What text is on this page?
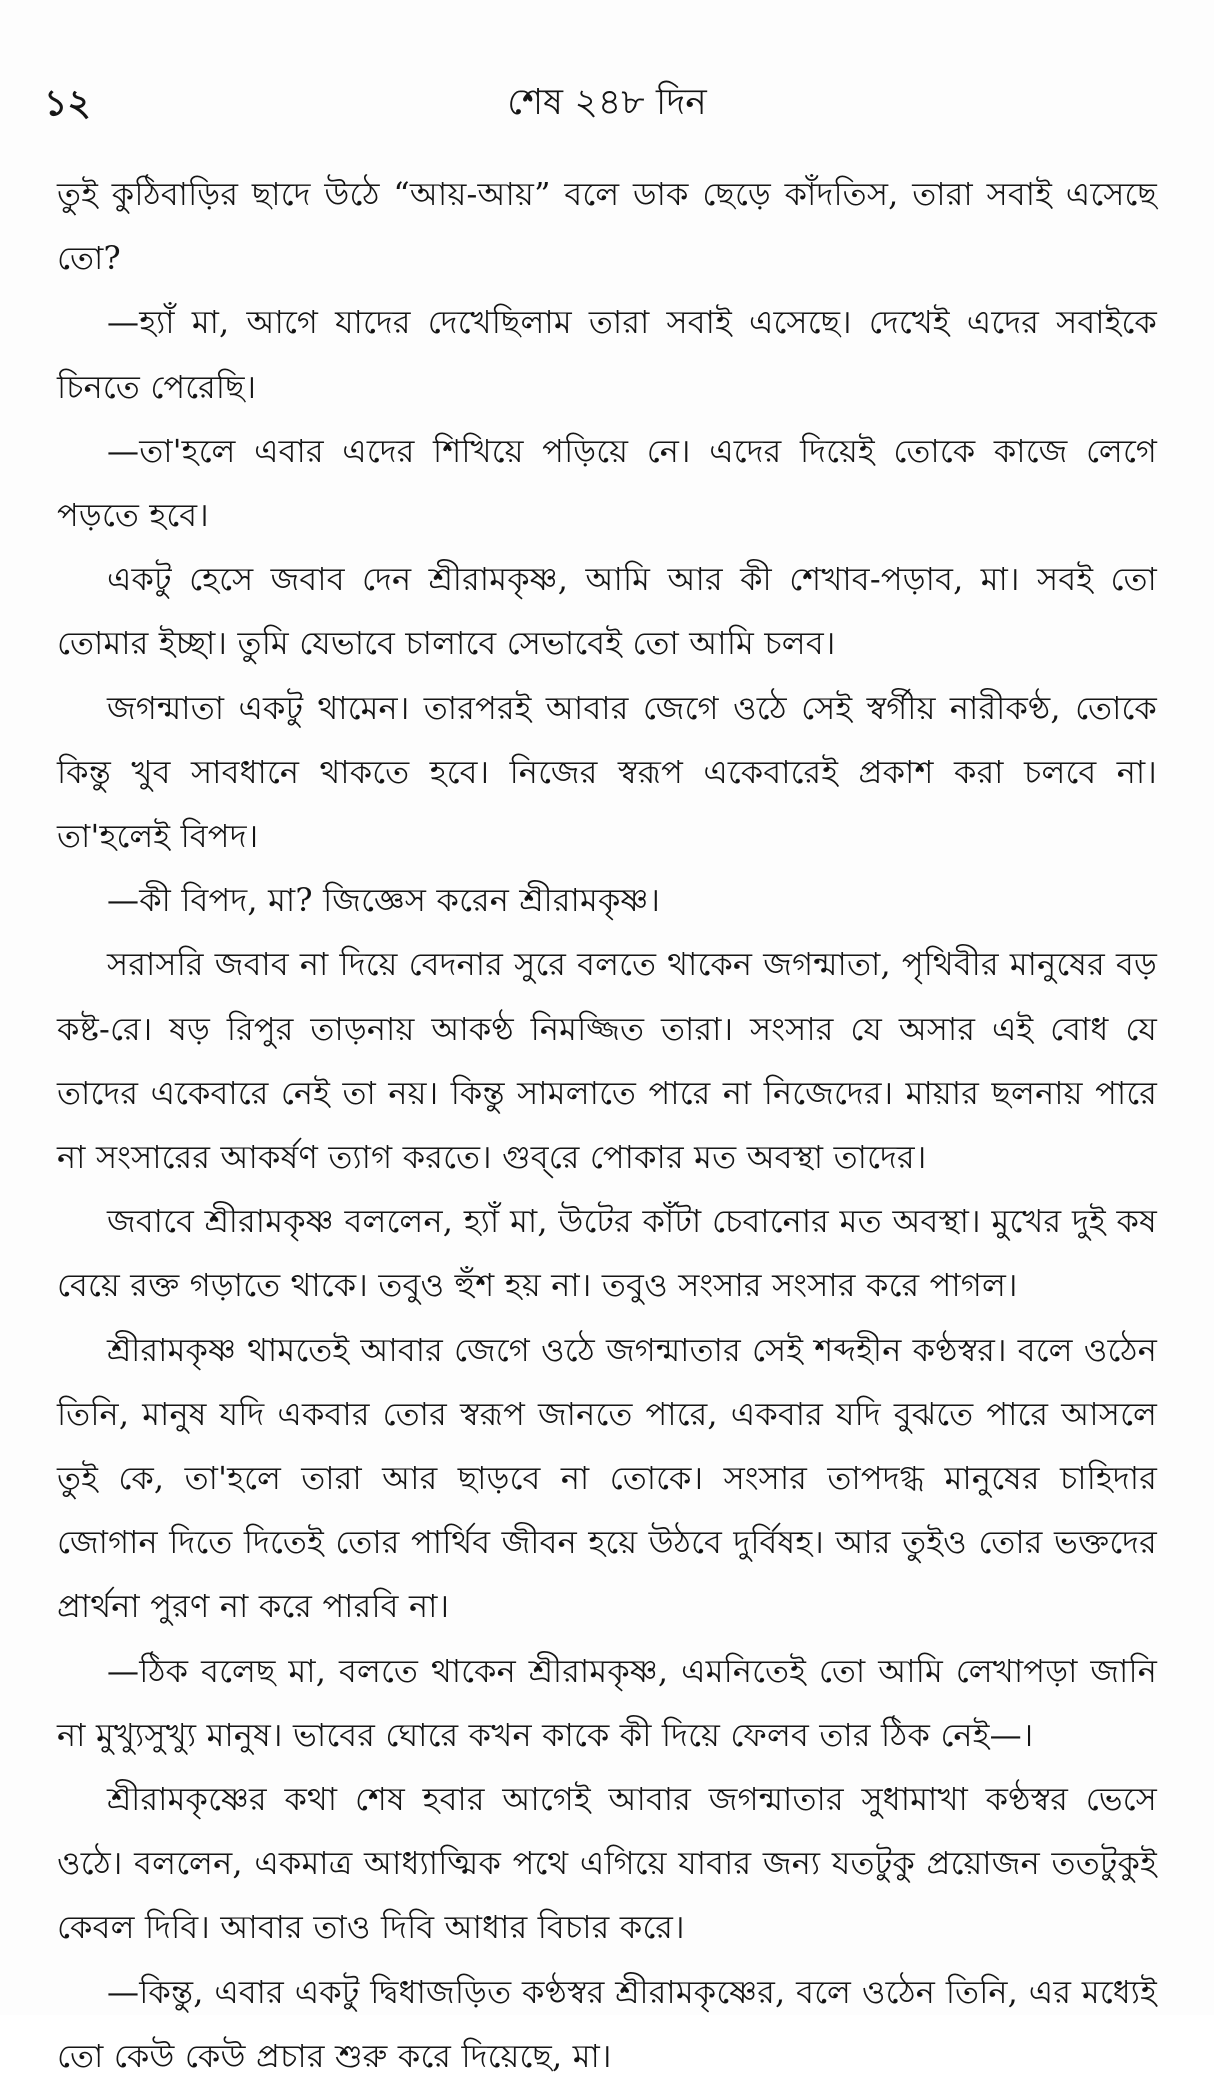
১২	শেষ ২৪৮ দিন

তুই কুঠিবাড়ির ছাদে উঠে “আয়-আয়” বলে ডাক ছেড়ে কাঁদতিস, তারা সবাই এসেছে তো?

—হ্যাঁ মা, আগে যাদের দেখেছিলাম তারা সবাই এসেছে। দেখেই এদের সবাইকে চিনতে পেরেছি।

—তা'হলে এবার এদের শিখিয়ে পড়িয়ে নে। এদের দিয়েই তোকে কাজে লেগে পড়তে হবে।

একটু হেসে জবাব দেন শ্রীরামকৃষ্ণ, আমি আর কী শেখাব-পড়াব, মা। সবই তো তোমার ইচ্ছা। তুমি যেভাবে চালাবে সেভাবেই তো আমি চলব।

জগন্মাতা একটু থামেন। তারপরই আবার জেগে ওঠে সেই স্বর্গীয় নারীকণ্ঠ, তোকে কিন্তু খুব সাবধানে থাকতে হবে। নিজের স্বরূপ একেবারেই প্রকাশ করা চলবে না। তা'হলেই বিপদ।

—কী বিপদ, মা? জিজ্ঞেস করেন শ্রীরামকৃষ্ণ।

সরাসরি জবাব না দিয়ে বেদনার সুরে বলতে থাকেন জগন্মাতা, পৃথিবীর মানুষের বড় কষ্ট-রে। ষড় রিপুর তাড়নায় আকণ্ঠ নিমজ্জিত তারা। সংসার যে অসার এই বোধ যে তাদের একেবারে নেই তা নয়। কিন্তু সামলাতে পারে না নিজেদের। মায়ার ছলনায় পারে না সংসারের আকর্ষণ ত্যাগ করতে। গুব্‌রে পোকার মত অবস্থা তাদের।

জবাবে শ্রীরামকৃষ্ণ বললেন, হ্যাঁ মা, উটের কাঁটা চেবানোর মত অবস্থা। মুখের দুই কষ বেয়ে রক্ত গড়াতে থাকে। তবুও হুঁশ হয় না। তবুও সংসার সংসার করে পাগল।

শ্রীরামকৃষ্ণ থামতেই আবার জেগে ওঠে জগন্মাতার সেই শব্দহীন কণ্ঠস্বর। বলে ওঠেন তিনি, মানুষ যদি একবার তোর স্বরূপ জানতে পারে, একবার যদি বুঝতে পারে আসলে তুই কে, তা'হলে তারা আর ছাড়বে না তোকে। সংসার তাপদগ্ধ মানুষের চাহিদার জোগান দিতে দিতেই তোর পার্থিব জীবন হয়ে উঠবে দুর্বিষহ। আর তুইও তোর ভক্তদের প্রার্থনা পুরণ না করে পারবি না।

—ঠিক বলেছ মা, বলতে থাকেন শ্রীরামকৃষ্ণ, এমনিতেই তো আমি লেখাপড়া জানি না মুখ্যুসুখ্যু মানুষ। ভাবের ঘোরে কখন কাকে কী দিয়ে ফেলব তার ঠিক নেই—।

শ্রীরামকৃষ্ণের কথা শেষ হবার আগেই আবার জগন্মাতার সুধামাখা কণ্ঠস্বর ভেসে ওঠে। বললেন, একমাত্র আধ্যাত্মিক পথে এগিয়ে যাবার জন্য যতটুকু প্রয়োজন ততটুকুই কেবল দিবি। আবার তাও দিবি আধার বিচার করে।

—কিন্তু, এবার একটু দ্বিধাজড়িত কণ্ঠস্বর শ্রীরামকৃষ্ণের, বলে ওঠেন তিনি, এর মধ্যেই তো কেউ কেউ প্রচার শুরু করে দিয়েছে, মা।
